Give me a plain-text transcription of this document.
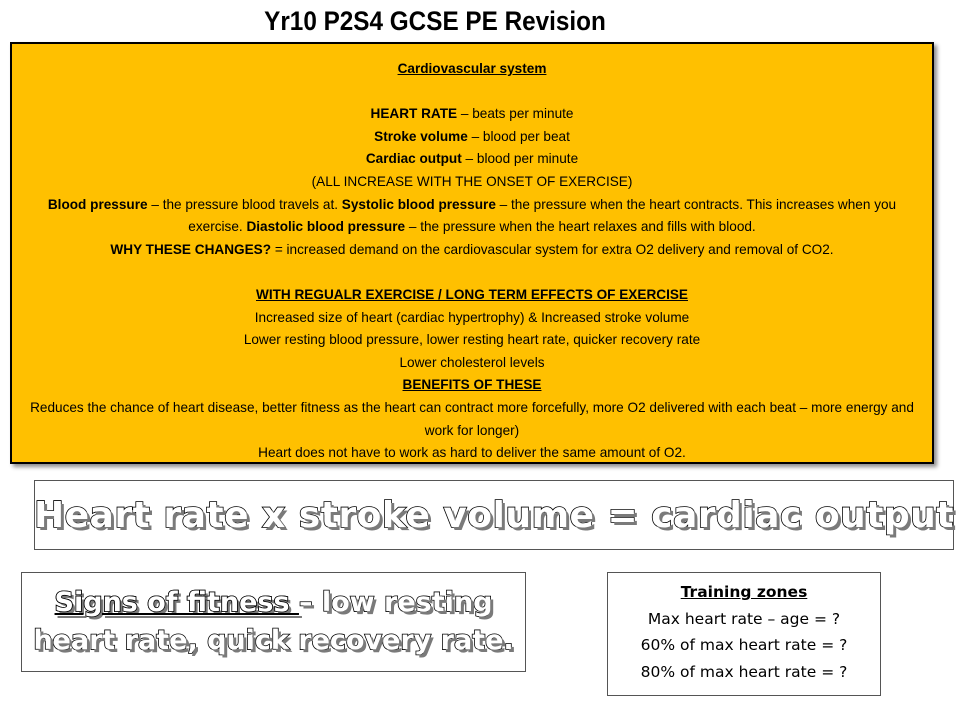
Yr10 P2S4 GCSE PE Revision
Cardiovascular system
HEART RATE – beats per minute
Stroke volume – blood per beat
Cardiac output – blood per minute
(ALL INCREASE WITH THE ONSET OF EXERCISE)
Blood pressure – the pressure blood travels at. Systolic blood pressure – the pressure when the heart contracts. This increases when you exercise. Diastolic blood pressure – the pressure when the heart relaxes and fills with blood.
WHY THESE CHANGES? = increased demand on the cardiovascular system for extra O2 delivery and removal of CO2.
WITH REGUALR EXERCISE / LONG TERM EFFECTS OF EXERCISE
Increased size of heart (cardiac hypertrophy) & Increased stroke volume
Lower resting blood pressure, lower resting heart rate, quicker recovery rate
Lower cholesterol levels
BENEFITS OF THESE
Reduces the chance of heart disease, better fitness as the heart can contract more forcefully, more O2 delivered with each beat – more energy and work for longer)
Heart does not have to work as hard to deliver the same amount of O2.
Heart rate x stroke volume = cardiac output
Signs of fitness – low resting
heart rate, quick recovery rate.
Training zones
Max heart rate – age = ?
60% of max heart rate = ?
80% of max heart rate = ?
